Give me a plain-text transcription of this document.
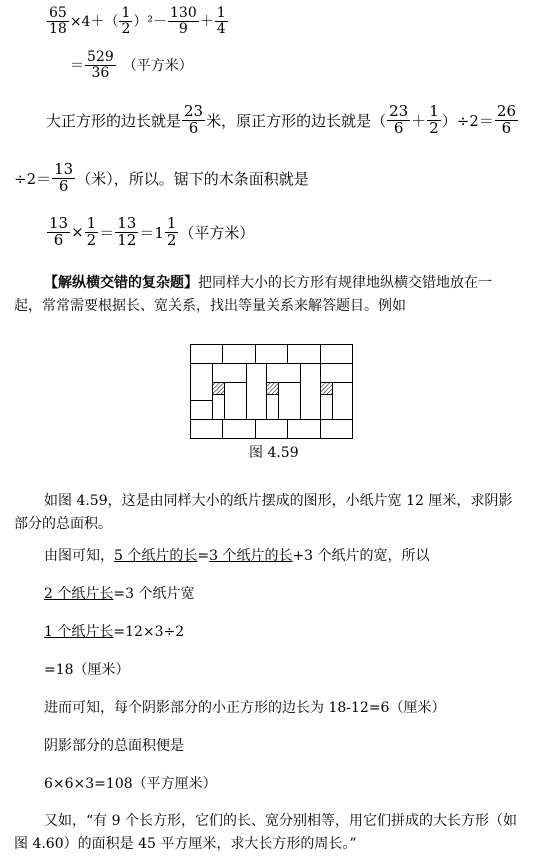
$\frac{65}{18} \times 4+( \frac{1}{2} )^2- \frac{130}{9} + \frac{1}{4}$
＝ $\frac{529}{36}$ （平方米）
大正方形的边长就是 $\frac{23}{6}$ 米，原正方形的边长就是（ $\frac{23}{6} + \frac{1}{2} )\div 2= \frac{26}{6}$
$\div 2= \frac{13}{6}$ （米），所以。锯下的木条面积就是
$\frac{13}{6} \times \frac{1}{2} = \frac{13}{12} =1 \frac{1}{2}$ （平方米）
【解纵横交错的复杂题】把同样大小的长方形有规律地纵横交错地放在一
起，常常需要根据长、宽关系，找出等量关系来解答题目。例如
图 4.59
如图 4.59，这是由同样大小的纸片摆成的图形，小纸片宽 12 厘米，求阴影
部分的总面积。
由图可知，5 个纸片的长=3 个纸片的长+3 个纸片的宽，所以
2 个纸片长=3 个纸片宽
1 个纸片长=12×3÷2
=18（厘米）
进而可知，每个阴影部分的小正方形的边长为 18-12=6（厘米）
阴影部分的总面积便是
6×6×3=108（平方厘米）
又如，“有 9 个长方形，它们的长、宽分别相等，用它们拼成的大长方形（如
图 4.60）的面积是 45 平方厘米，求大长方形的周长。”
